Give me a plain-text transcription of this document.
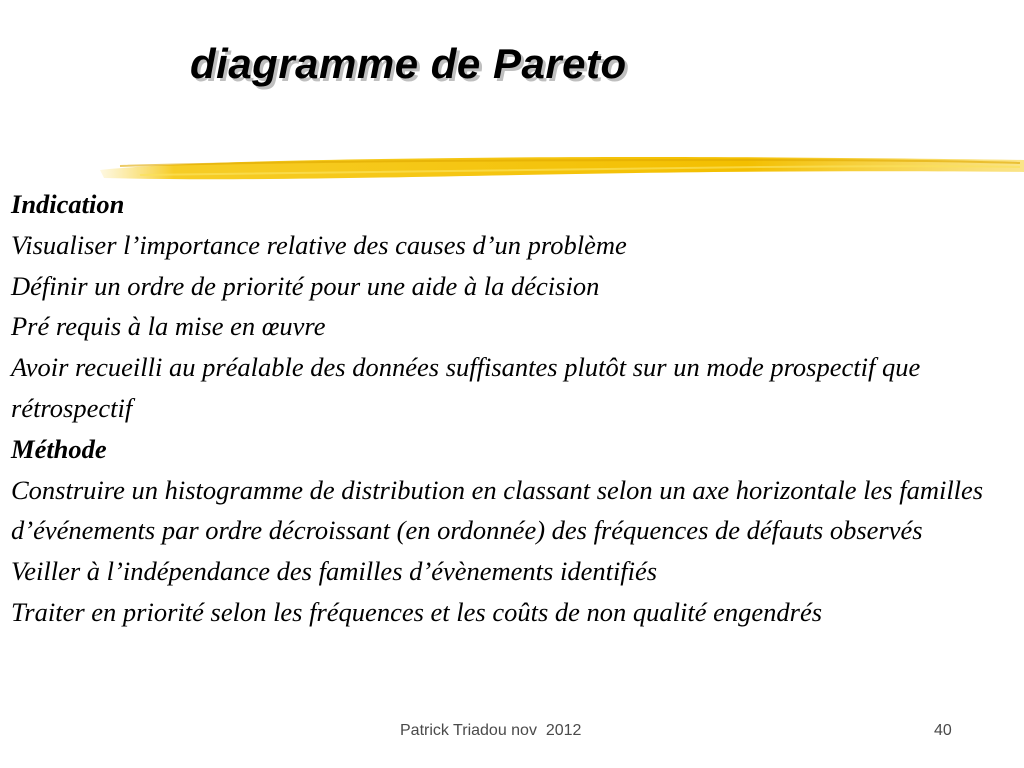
diagramme de Pareto
Indication
Visualiser l’importance relative des causes d’un problème
Définir un ordre de priorité pour une aide à la décision
Pré requis à la mise en œuvre
Avoir recueilli au préalable des données suffisantes plutôt sur un mode prospectif que rétrospectif
Méthode
Construire un histogramme de distribution en classant selon un axe horizontale les familles d’événements par ordre décroissant (en ordonnée) des fréquences de défauts observés
Veiller à l’indépendance des familles d’évènements identifiés
Traiter en priorité selon les fréquences et les coûts de non qualité engendrés
Patrick Triadou nov  2012	40
